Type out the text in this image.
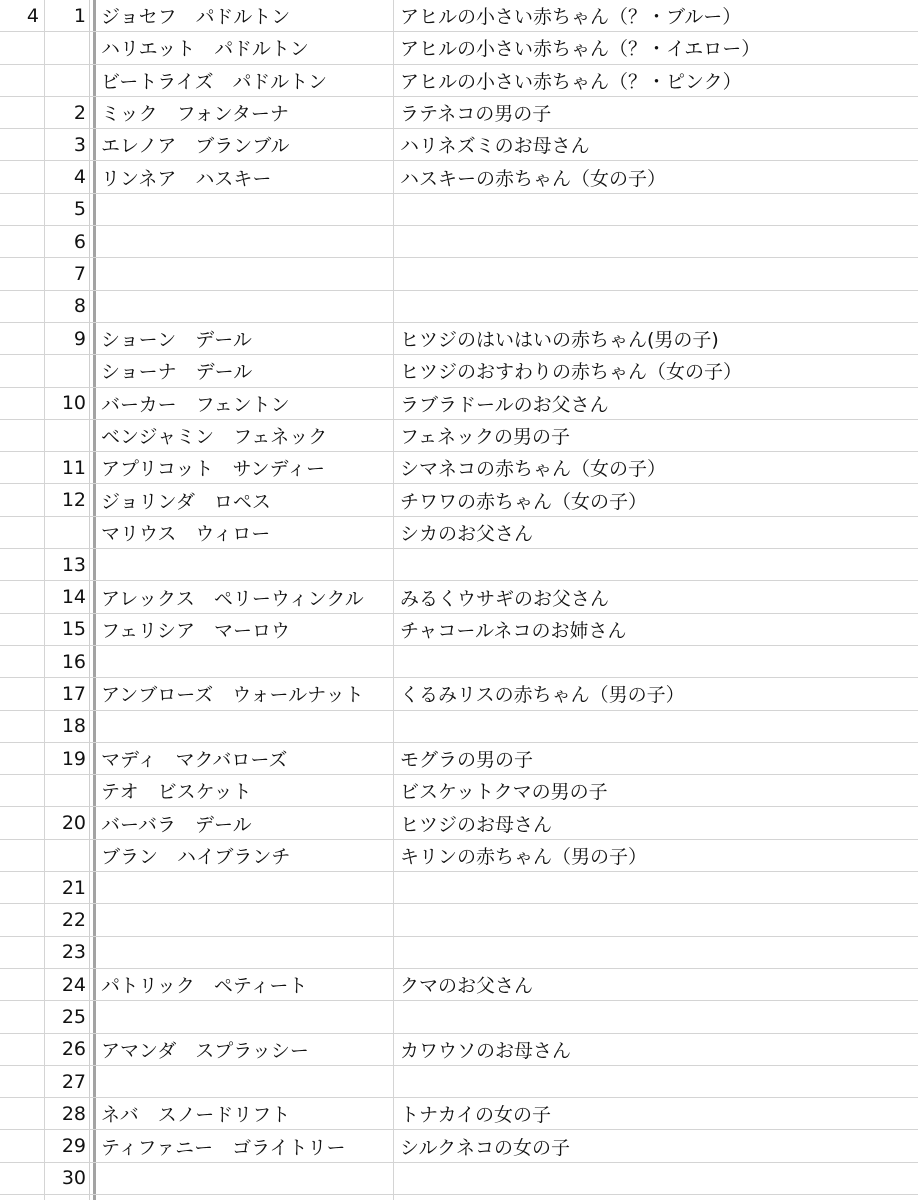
4	1 ジョセフ　パドルトン	アヒルの小さい赤ちゃん（？・ブルー）
ハリエット　パドルトン	アヒルの小さい赤ちゃん（？・イエロー）
ビートライズ　パドルトン	アヒルの小さい赤ちゃん（？・ピンク）
2 ミック　フォンターナ	ラテネコの男の子
3 エレノア　ブランブル	ハリネズミのお母さん
4 リンネア　ハスキー	ハスキーの赤ちゃん（女の子）
5
6
7
8
9 ショーン　デール	ヒツジのはいはいの赤ちゃん(男の子)
ショーナ　デール	ヒツジのおすわりの赤ちゃん（女の子）
10 バーカー　フェントン	ラブラドールのお父さん
ベンジャミン　フェネック	フェネックの男の子
11 アプリコット　サンディー	シマネコの赤ちゃん（女の子）
12 ジョリンダ　ロペス	チワワの赤ちゃん（女の子）
マリウス　ウィロー	シカのお父さん
13
14 アレックス　ペリーウィンクル	みるくウサギのお父さん
15 フェリシア　マーロウ	チャコールネコのお姉さん
16
17 アンブローズ　ウォールナット	くるみリスの赤ちゃん（男の子）
18
19 マディ　マクバローズ	モグラの男の子
テオ　ビスケット	ビスケットクマの男の子
20 バーバラ　デール	ヒツジのお母さん
ブラン　ハイブランチ	キリンの赤ちゃん（男の子）
21
22
23
24 パトリック　ペティート	クマのお父さん
25
26 アマンダ　スプラッシー	カワウソのお母さん
27
28 ネバ　スノードリフト	トナカイの女の子
29 ティファニー　ゴライトリー	シルクネコの女の子
30
